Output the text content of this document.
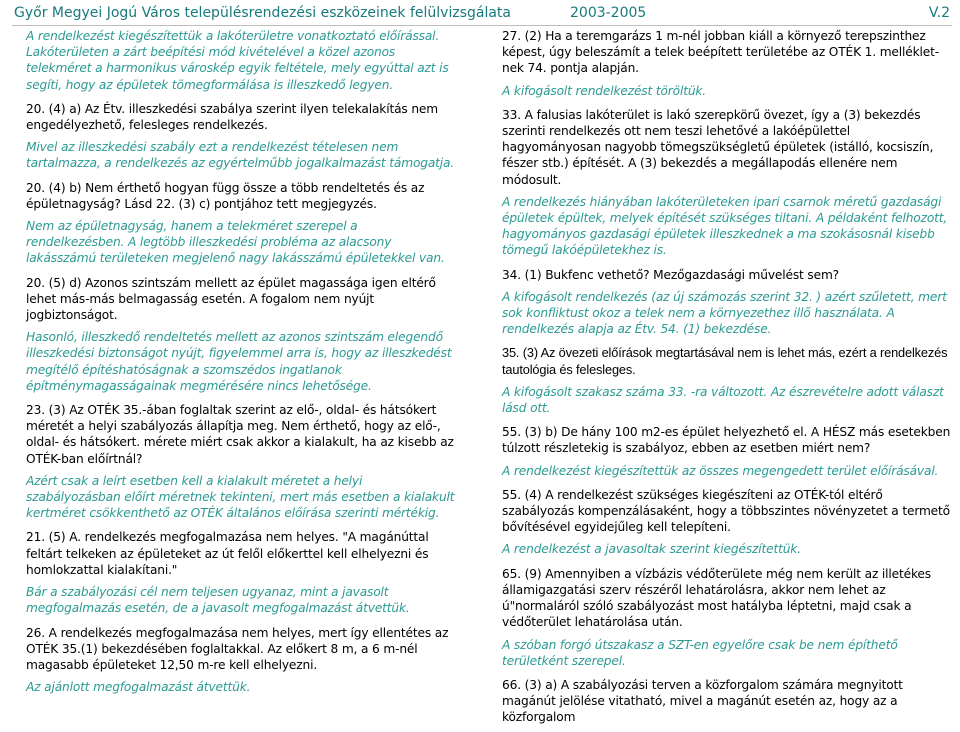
Győr Megyei Jogú Város településrendezési eszközeinek felülvizsgálata	2003-2005	V.2

A rendelkezést kiegészítettük a lakóterületre vonatkoztató előírással. Lakóterületen a zárt beépítési mód kivételével a közel azonos telekméret a harmonikus városkép egyik feltétele, mely egyúttal azt is segíti, hogy az épületek tömegformálása is illeszkedő legyen.

20. (4) a) Az Étv. illeszkedési szabálya szerint ilyen telekalakítás nem engedélyezhető, felesleges rendelkezés.

Mivel az illeszkedési szabály ezt a rendelkezést tételesen nem tartalmazza, a rendelkezés az egyértelműbb jogalkalmazást támogatja.

20. (4) b) Nem érthető hogyan függ össze a több rendeltetés és az épületnagyság? Lásd 22. (3) c) pontjához tett megjegyzés.

Nem az épületnagyság, hanem a telekméret szerepel a rendelkezésben. A legtöbb illeszkedési probléma az alacsony lakásszámú területeken megjelenő nagy lakásszámú épületekkel van.

20. (5) d) Azonos szintszám mellett az épület magassága igen eltérő lehet más-más belmagasság esetén. A fogalom nem nyújt jogbiztonságot.

Hasonló, illeszkedő rendeltetés mellett az azonos szintszám elegendő illeszkedési biztonságot nyújt, figyelemmel arra is, hogy az illeszkedést megítélő építéshatóságnak a szomszédos ingatlanok építménymagasságainak megmérésére nincs lehetősége.

23. (3) Az OTÉK 35.-ában foglaltak szerint az elő-, oldal- és hátsókert méretét a helyi szabályozás állapítja meg. Nem érthető, hogy az elő-, oldal- és hátsókert. mérete miért csak akkor a kialakult, ha az kisebb az OTÉK-ban előírtnál?

Azért csak a leírt esetben kell a kialakult méretet a helyi szabályozásban előírt méretnek tekinteni, mert más esetben a kialakult kertméret csökkenthető az OTÉK általános előírása szerinti mértékig.

21. (5) A. rendelkezés megfogalmazása nem helyes. "A magánúttal feltárt telkeken az épületeket az út felől előkerttel kell elhelyezni és homlokzattal kialakítani."

Bár a szabályozási cél nem teljesen ugyanaz, mint a javasolt megfogalmazás esetén, de a javasolt megfogalmazást átvettük.

26. A rendelkezés megfogalmazása nem helyes, mert így ellentétes az OTÉK 35.(1) bekezdésében foglaltakkal. Az előkert 8 m, a 6 m-nél magasabb épületeket 12,50 m-re kell elhelyezni.

Az ajánlott megfogalmazást átvettük.

27. (2) Ha a teremgarázs 1 m-nél jobban kiáll a környező terepszinthez képest, úgy beleszámít a telek beépített területébe az OTÉK 1. melléklet-nek 74. pontja alapján.

A kifogásolt rendelkezést töröltük.

33. A falusias lakóterület is lakó szerepkörű övezet, így a (3) bekezdés szerinti rendelkezés ott nem teszi lehetővé a lakóépülettel hagyományosan nagyobb tömegszükségletű épületek (istálló, kocsiszín, fészer stb.) építését. A (3) bekezdés a megállapodás ellenére nem módosult.

A rendelkezés hiányában lakóterületeken ipari csarnok méretű gazdasági épületek épültek, melyek építését szükséges tiltani. A példaként felhozott, hagyományos gazdasági épületek illeszkednek a ma szokásosnál kisebb tömegű lakóépületekhez is.

34. (1) Bukfenc vethető? Mezőgazdasági művelést sem?

A kifogásolt rendelkezés (az új számozás szerint 32. ) azért szűletett, mert sok konfliktust okoz a telek nem a környezethez illő használata. A rendelkezés alapja az Étv. 54. (1) bekezdése.

35. (3) Az övezeti előírások megtartásával nem is lehet más, ezért a rendelkezés tautológia és felesleges.

A kifogásolt szakasz száma 33. -ra változott. Az észrevételre adott választ lásd ott.

55. (3) b) De hány 100 m2-es épület helyezhető el. A HÉSZ más esetekben túlzott részletekig is szabályoz, ebben az esetben miért nem?

A rendelkezést kiegészítettük az összes megengedett terület előírásával.

55. (4) A rendelkezést szükséges kiegészíteni az OTÉK-tól eltérő szabályozás kompenzálásaként, hogy a többszintes növényzetet a termető bővítésével egyidejűleg kell telepíteni.

A rendelkezést a javasoltak szerint kiegészítettük.

65. (9) Amennyiben a vízbázis védőterülete még nem került az illetékes államigazgatási szerv részéről lehatárolásra, akkor nem lehet az ú"normaláról szóló szabályozást most hatályba léptetni, majd csak a védőterület lehatárolása után.

A szóban forgó útszakasz a SZT-en egyelőre csak be nem építhető területként szerepel.

66. (3) a) A szabályozási terven a közforgalom számára megnyitott magánút jelölése vitatható, mivel a magánút esetén az, hogy az a közforgalom
